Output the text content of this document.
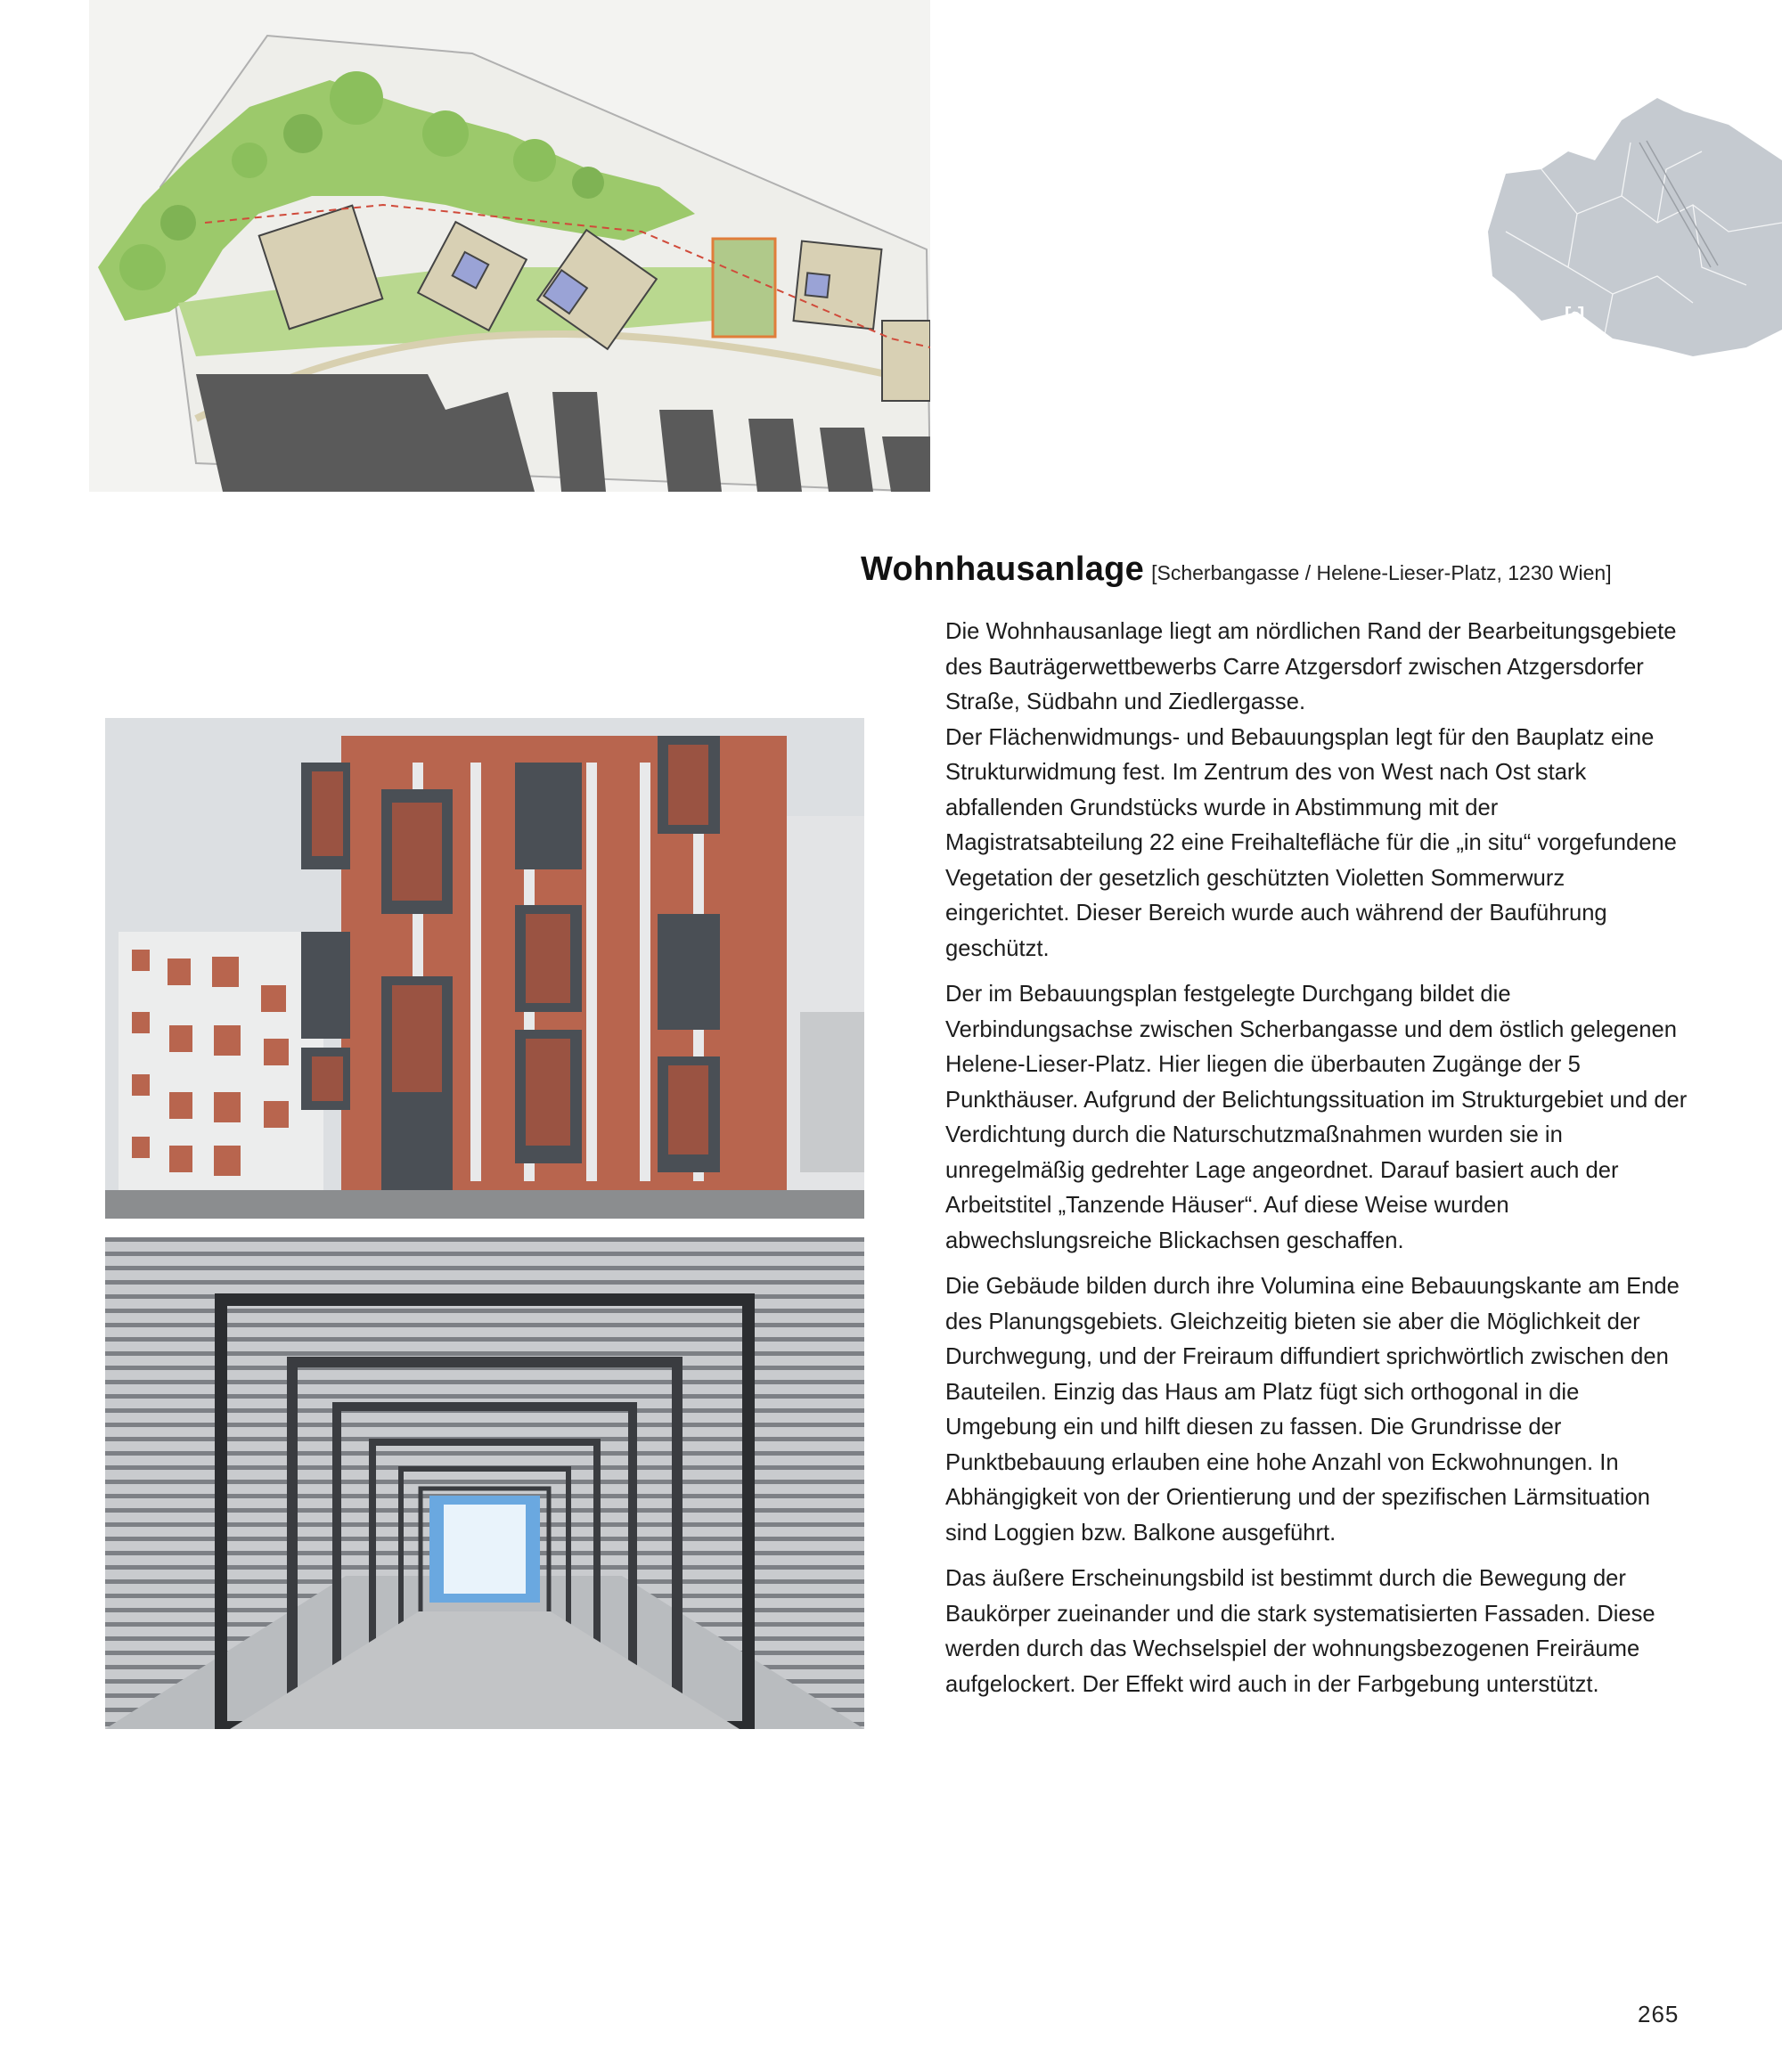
[•]
Wohnhausanlage [Scherbangasse / Helene-Lieser-Platz, 1230 Wien]

Die Wohnhausanlage liegt am nördlichen Rand der Bearbeitungsgebiete des Bauträgerwettbewerbs Carre Atzgersdorf zwischen Atzgersdorfer Straße, Südbahn und Ziedlergasse.

Der Flächenwidmungs- und Bebauungsplan legt für den Bauplatz eine Strukturwidmung fest. Im Zentrum des von West nach Ost stark abfallenden Grundstücks wurde in Abstimmung mit der Magistratsabteilung 22 eine Freihaltefläche für die „in situ“ vorgefundene Vegetation der gesetzlich geschützten Violetten Sommerwurz eingerichtet. Dieser Bereich wurde auch während der Bauführung geschützt.

Der im Bebauungsplan festgelegte Durchgang bildet die Verbindungsachse zwischen Scherbangasse und dem östlich gelegenen Helene-Lieser-Platz. Hier liegen die überbauten Zugänge der 5 Punkthäuser. Aufgrund der Belichtungssituation im Strukturgebiet und der Verdichtung durch die Naturschutzmaßnahmen wurden sie in unregelmäßig gedrehter Lage angeordnet. Darauf basiert auch der Arbeitstitel „Tanzende Häuser“. Auf diese Weise wurden abwechslungsreiche Blickachsen geschaffen.

Die Gebäude bilden durch ihre Volumina eine Bebauungskante am Ende des Planungsgebiets. Gleichzeitig bieten sie aber die Möglichkeit der Durchwegung, und der Freiraum diffundiert sprichwörtlich zwischen den Bauteilen. Einzig das Haus am Platz fügt sich orthogonal in die Umgebung ein und hilft diesen zu fassen. Die Grundrisse der Punktbebauung erlauben eine hohe Anzahl von Eckwohnungen. In Abhängigkeit von der Orientierung und der spezifischen Lärmsituation sind Loggien bzw. Balkone ausgeführt.

Das äußere Erscheinungsbild ist bestimmt durch die Bewegung der Baukörper zueinander und die stark systematisierten Fassaden. Diese werden durch das Wechselspiel der wohnungsbezogenen Freiräume aufgelockert. Der Effekt wird auch in der Farbgebung unterstützt.

265
